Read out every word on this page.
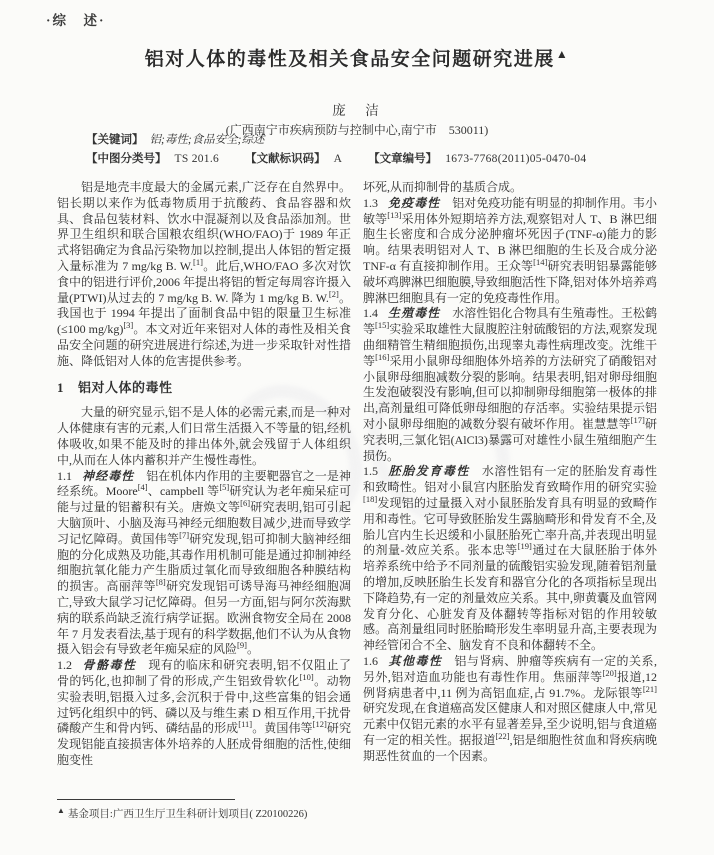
·综　述·
铝对人体的毒性及相关食品安全问题研究进展▲
庞　洁
(广西南宁市疾病预防与控制中心,南宁市　530011)
【关键词】 铝;毒性;食品安全;综述
【中图分类号】 TS 201.6 【文献标识码】 A 【文章编号】 1673-7768(2011)05-0470-04

铝是地壳丰度最大的金属元素,广泛存在自然界中。铝长期以来作为低毒物质用于抗酸药、食品容器和炊具、食品包装材料、饮水中混凝剂以及食品添加剂。世界卫生组织和联合国粮农组织(WHO/FAO)于 1989 年正式将铝确定为食品污染物加以控制,提出人体铝的暂定摄入量标准为 7 mg/kg B. W.[1]。此后,WHO/FAO 多次对饮食中的铝进行评价,2006 年提出将铝的暂定每周容许摄入量(PTWI)从过去的 7 mg/kg B. W. 降为 1 mg/kg B. W.[2]。我国也于 1994 年提出了面制食品中铝的限量卫生标准(≤100 mg/kg)[3]。本文对近年来铝对人体的毒性及相关食品安全问题的研究进展进行综述,为进一步采取针对性措施、降低铝对人体的危害提供参考。

1 铝对人体的毒性

大量的研究显示,铝不是人体的必需元素,而是一种对人体健康有害的元素,人们日常生活摄入不等量的铝,经机体吸收,如果不能及时的排出体外,就会残留于人体组织中,从而在人体内蓄积并产生慢性毒性。

1.1 神经毒性 铝在机体内作用的主要靶器官之一是神经系统。Moore[4]、campbell 等[5]研究认为老年痴呆症可能与过量的铝蓄积有关。唐焕文等[6]研究表明,铝可引起大脑顶叶、小脑及海马神经元细胞数目减少,进而导致学习记忆障碍。黄国伟等[7]研究发现,铝可抑制大脑神经细胞的分化成熟及功能,其毒作用机制可能是通过抑制神经细胞抗氧化能力产生脂质过氧化而导致细胞各种膜结构的损害。高丽萍等[8]研究发现铝可诱导海马神经细胞凋亡,导致大鼠学习记忆障碍。但另一方面,铝与阿尔茨海默病的联系尚缺乏流行病学证据。欧洲食物安全局在 2008 年 7 月发表看法,基于现有的科学数据,他们不认为从食物摄入铝会有导致老年痴呆症的风险[9]。

1.2 骨骼毒性 现有的临床和研究表明,铝不仅阻止了骨的钙化,也抑制了骨的形成,产生铝致骨软化[10]。动物实验表明,铝摄入过多,会沉积于骨中,这些富集的铝会通过钙化组织中的钙、磷以及与维生素 D 相互作用,干扰骨磷酸产生和骨内钙、磷结晶的形成[11]。黄国伟等[12]研究发现铝能直接损害体外培养的人胚成骨细胞的活性,使细胞变性

坏死,从而抑制骨的基质合成。

1.3 免疫毒性 铝对免疫功能有明显的抑制作用。韦小敏等[13]采用体外短期培养方法,观察铝对人 T、B 淋巴细胞生长密度和合成分泌肿瘤坏死因子(TNF-α)能力的影响。结果表明铝对人 T、B 淋巴细胞的生长及合成分泌 TNF-α 有直接抑制作用。王众等[14]研究表明铝暴露能够破坏鸡脾淋巴细胞膜,导致细胞活性下降,铝对体外培养鸡脾淋巴细胞具有一定的免疫毒性作用。

1.4 生殖毒性 水溶性铝化合物具有生殖毒性。王松鹤等[15]实验采取雄性大鼠腹腔注射硫酸铝的方法,观察发现曲细精管生精细胞损伤,出现睾丸毒性病理改变。沈维干等[16]采用小鼠卵母细胞体外培养的方法研究了硝酸铝对小鼠卵母细胞减数分裂的影响。结果表明,铝对卵母细胞生发泡破裂没有影响,但可以抑制卵母细胞第一极体的排出,高剂量组可降低卵母细胞的存活率。实验结果提示铝对小鼠卵母细胞的减数分裂有破坏作用。崔慧慧等[17]研究表明,三氯化铝(AlCl3)暴露可对雄性小鼠生殖细胞产生损伤。

1.5 胚胎发育毒性 水溶性铝有一定的胚胎发育毒性和致畸性。铝对小鼠宫内胚胎发育致畸作用的研究实验[18]发现铝的过量摄入对小鼠胚胎发育具有明显的致畸作用和毒性。它可导致胚胎发生露脑畸形和骨发育不全,及胎儿宫内生长迟缓和小鼠胚胎死亡率升高,并表现出明显的剂量-效应关系。张本忠等[19]通过在大鼠胚胎于体外培养系统中给予不同剂量的硫酸铝实验发现,随着铝剂量的增加,反映胚胎生长发育和器官分化的各项指标呈现出下降趋势,有一定的剂量效应关系。其中,卵黄囊及血管网发育分化、心脏发育及体翻转等指标对铝的作用较敏感。高剂量组同时胚胎畸形发生率明显升高,主要表现为神经管闭合不全、脑发育不良和体翻转不全。

1.6 其他毒性 铝与肾病、肿瘤等疾病有一定的关系,另外,铝对造血功能也有毒性作用。焦丽萍等[20]报道,12 例肾病患者中,11 例为高铝血症,占 91.7%。龙际银等[21]研究发现,在食道癌高发区健康人和对照区健康人中,常见元素中仅铝元素的水平有显著差异,至少说明,铝与食道癌有一定的相关性。据报道[22],铝是细胞性贫血和肾疾病晚期恶性贫血的一个因素。

▲ 基金项目:广西卫生厅卫生科研计划项目( Z20100226)
